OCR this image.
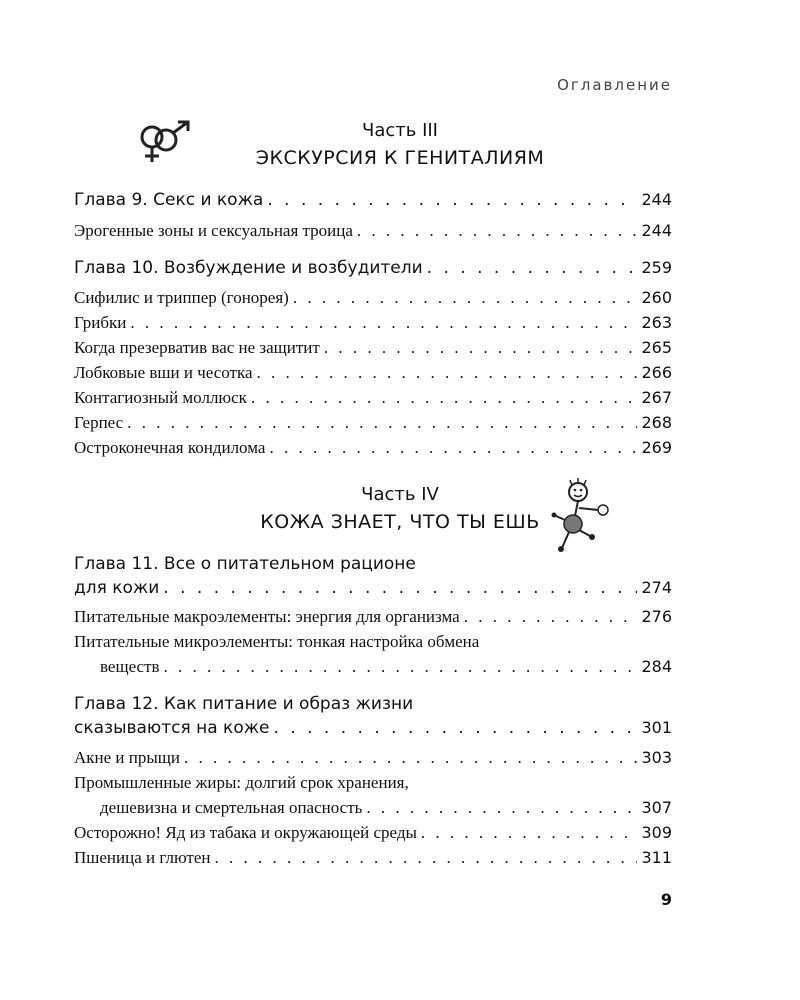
Оглавление
Часть III
ЭКСКУРСИЯ К ГЕНИТАЛИЯМ
Глава 9. Секс и кожа . . .	244
Эрогенные зоны и сексуальная троица . . .	244
Глава 10. Возбуждение и возбудители . . .	259
Сифилис и триппер (гонорея) . . .	260
Грибки . . .	263
Когда презерватив вас не защитит . . .	265
Лобковые вши и чесотка . . .	266
Контагиозный моллюск . . .	267
Герпес . . .	268
Остроконечная кондилома . . .	269
Глава 11. Все о питательном рационе
для кожи . . .	274
Питательные макроэлементы: энергия для организма . . .	276
Питательные микроэлементы: тонкая настройка обмена
веществ . . .	284
Глава 12. Как питание и образ жизни
сказываются на коже . . .	301
Акне и прыщи . . .	303
Промышленные жиры: долгий срок хранения,
дешевизна и смертельная опасность . . .	307
Осторожно! Яд из табака и окружающей среды . . .	309
Пшеница и глютен . . .	311
Часть IV
КОЖА ЗНАЕТ, ЧТО ТЫ ЕШЬ
9
